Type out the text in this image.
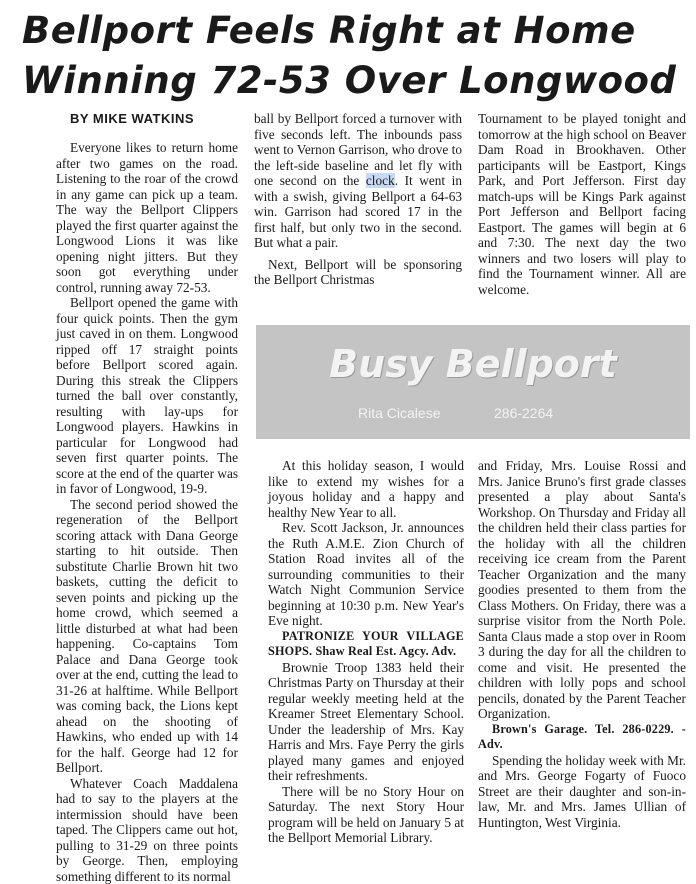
Bellport Feels Right at Home
Winning 72-53 Over Longwood
BY MIKE WATKINS

Everyone likes to return home after two games on the road. Listening to the roar of the crowd in any game can pick up a team. The way the Bellport Clippers played the first quarter against the Longwood Lions it was like opening night jitters. But they soon got everything under control, running away 72-53.

Bellport opened the game with four quick points. Then the gym just caved in on them. Longwood ripped off 17 straight points before Bellport scored again. During this streak the Clippers turned the ball over constantly, resulting with lay-ups for Longwood players. Hawkins in particular for Longwood had seven first quarter points. The score at the end of the quarter was in favor of Longwood, 19-9.

The second period showed the regeneration of the Bellport scoring attack with Dana George starting to hit outside. Then substitute Charlie Brown hit two baskets, cutting the deficit to seven points and picking up the home crowd, which seemed a little disturbed at what had been happening. Co-captains Tom Palace and Dana George took over at the end, cutting the lead to 31-26 at halftime. While Bellport was coming back, the Lions kept ahead on the shooting of Hawkins, who ended up with 14 for the half. George had 12 for Bellport.

Whatever Coach Maddalena had to say to the players at the intermission should have been taped. The Clippers came out hot, pulling to 31-29 on three points by George. Then, employing something different to its normal

ball by Bellport forced a turnover with five seconds left. The inbounds pass went to Vernon Garrison, who drove to the left-side baseline and let fly with one second on the clock. It went in with a swish, giving Bellport a 64-63 win. Garrison had scored 17 in the first half, but only two in the second. But what a pair.

Next, Bellport will be sponsoring the Bellport Christmas

Tournament to be played tonight and tomorrow at the high school on Beaver Dam Road in Brookhaven. Other participants will be Eastport, Kings Park, and Port Jefferson. First day match-ups will be Kings Park against Port Jefferson and Bellport facing Eastport. The games will begin at 6 and 7:30. The next day the two winners and two losers will play to find the Tournament winner. All are welcome.

Busy Bellport
Rita Cicalese	286-2264

At this holiday season, I would like to extend my wishes for a joyous holiday and a happy and healthy New Year to all.

Rev. Scott Jackson, Jr. announces the Ruth A.M.E. Zion Church of Station Road invites all of the surrounding communities to their Watch Night Communion Service beginning at 10:30 p.m. New Year's Eve night.

PATRONIZE YOUR VILLAGE SHOPS. Shaw Real Est. Agcy. Adv.

Brownie Troop 1383 held their Christmas Party on Thursday at their regular weekly meeting held at the Kreamer Street Elementary School. Under the leadership of Mrs. Kay Harris and Mrs. Faye Perry the girls played many games and enjoyed their refreshments.

There will be no Story Hour on Saturday. The next Story Hour program will be held on January 5 at the Bellport Memorial Library.

and Friday, Mrs. Louise Rossi and Mrs. Janice Bruno's first grade classes presented a play about Santa's Workshop. On Thursday and Friday all the children held their class parties for the holiday with all the children receiving ice cream from the Parent Teacher Organization and the many goodies presented to them from the Class Mothers. On Friday, there was a surprise visitor from the North Pole. Santa Claus made a stop over in Room 3 during the day for all the children to come and visit. He presented the children with lolly pops and school pencils, donated by the Parent Teacher Organization.

Brown's Garage. Tel. 286-0229. - Adv.

Spending the holiday week with Mr. and Mrs. George Fogarty of Fuoco Street are their daughter and son-in-law, Mr. and Mrs. James Ullian of Huntington, West Virginia.
